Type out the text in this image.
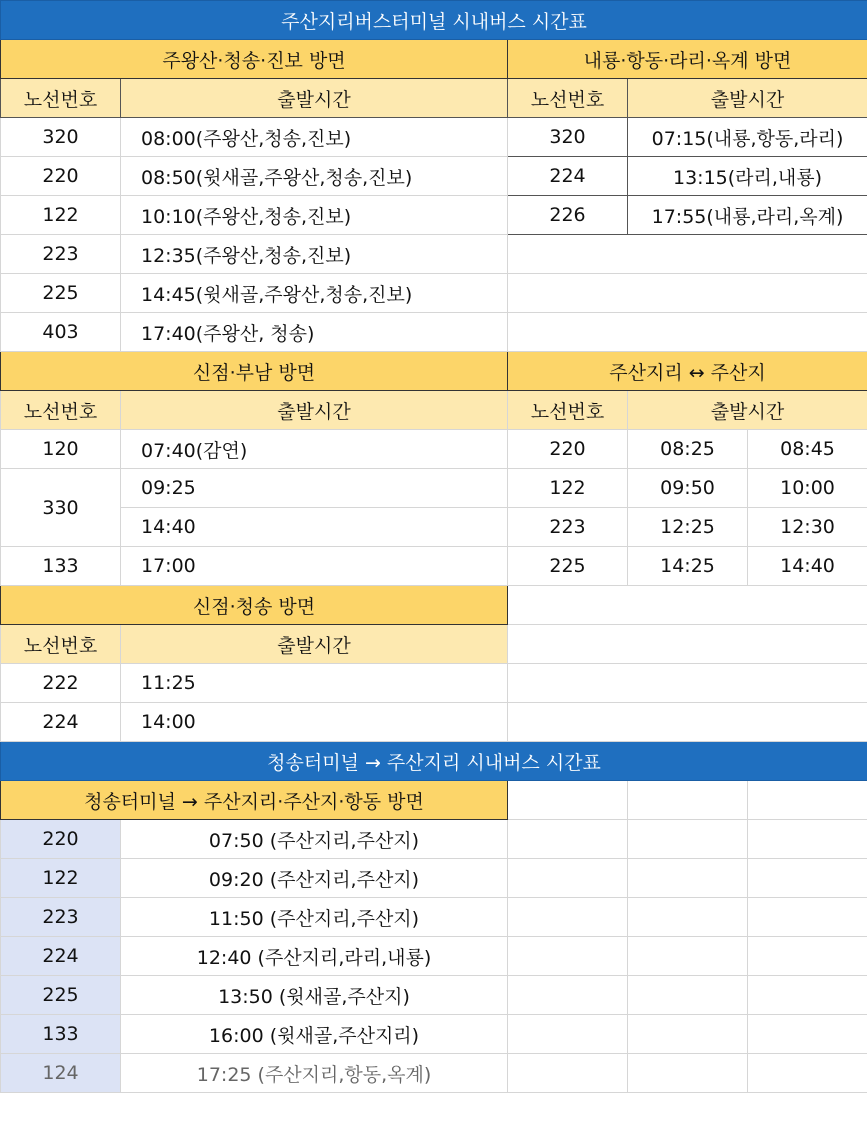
주산지리버스터미널 시내버스 시간표				
주왕산·청송·진보 방면		내룡·항동·라리·옥계 방면		
노선번호	출발시간	노선번호	출발시간	
320	08:00(주왕산,청송,진보)	320	07:15(내룡,항동,라리)	
220	08:50(윗새골,주왕산,청송,진보)	224	13:15(라리,내룡)	
122	10:10(주왕산,청송,진보)	226	17:55(내룡,라리,옥계)	
223	12:35(주왕산,청송,진보)			
225	14:45(윗새골,주왕산,청송,진보)			
403	17:40(주왕산, 청송)			
신점·부남 방면		주산지리 ↔ 주산지		
노선번호	출발시간	노선번호	출발시간	
120	07:40(감연)	220	08:25	08:45
330	09:25	122	09:50	10:00
	14:40	223	12:25	12:30
133	17:00	225	14:25	14:40
신점·청송 방면				
노선번호	출발시간			
222	11:25			
224	14:00			
청송터미널 → 주산지리 시내버스 시간표				
청송터미널 → 주산지리·주산지·항동 방면				
220	07:50 (주산지리,주산지)			
122	09:20 (주산지리,주산지)			
223	11:50 (주산지리,주산지)			
224	12:40 (주산지리,라리,내룡)			
225	13:50 (윗새골,주산지)			
133	16:00 (윗새골,주산지리)			
124	17:25 (주산지리,항동,옥계)			
